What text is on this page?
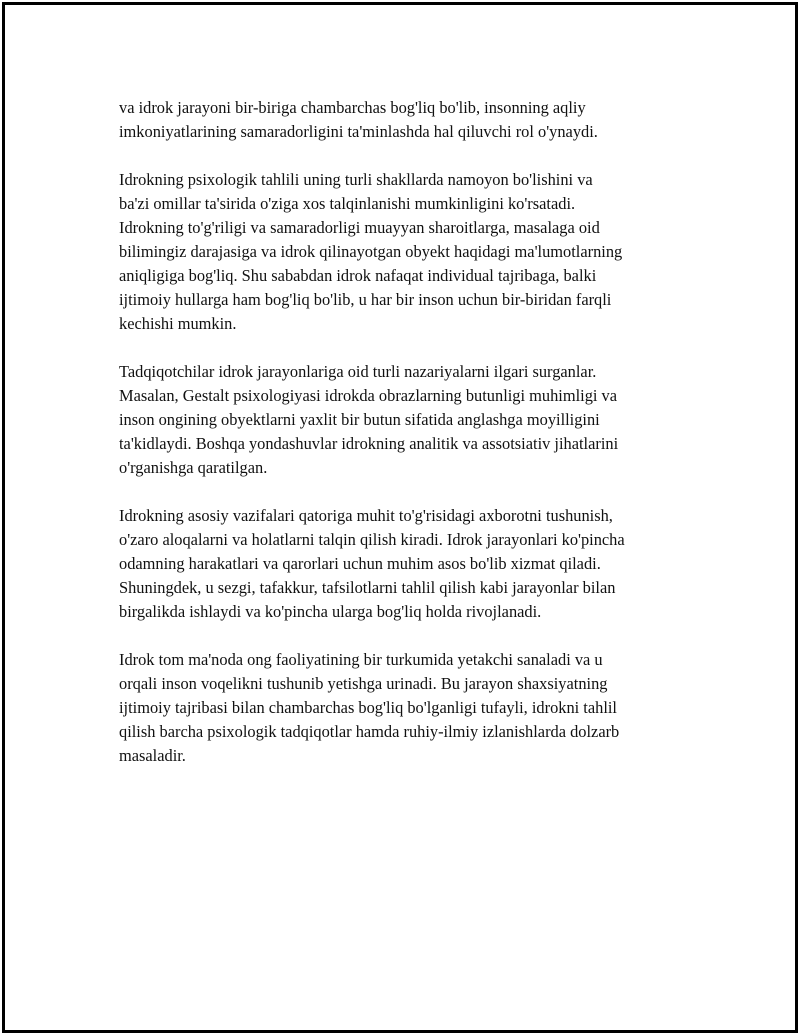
va idrok jarayoni bir-biriga chambarchas bog'liq bo'lib, insonning aqliy
imkoniyatlarining samaradorligini ta'minlashda hal qiluvchi rol o'ynaydi.

Idrokning psixologik tahlili uning turli shakllarda namoyon bo'lishini va
ba'zi omillar ta'sirida o'ziga xos talqinlanishi mumkinligini ko'rsatadi.
Idrokning to'g'riligi va samaradorligi muayyan sharoitlarga, masalaga oid
bilimingiz darajasiga va idrok qilinayotgan obyekt haqidagi ma'lumotlarning
aniqligiga bog'liq. Shu sababdan idrok nafaqat individual tajribaga, balki
ijtimoiy hullarga ham bog'liq bo'lib, u har bir inson uchun bir-biridan farqli
kechishi mumkin.

Tadqiqotchilar idrok jarayonlariga oid turli nazariyalarni ilgari surganlar.
Masalan, Gestalt psixologiyasi idrokda obrazlarning butunligi muhimligi va
inson ongining obyektlarni yaxlit bir butun sifatida anglashga moyilligini
ta'kidlaydi. Boshqa yondashuvlar idrokning analitik va assotsiativ jihatlarini
o'rganishga qaratilgan.

Idrokning asosiy vazifalari qatoriga muhit to'g'risidagi axborotni tushunish,
o'zaro aloqalarni va holatlarni talqin qilish kiradi. Idrok jarayonlari ko'pincha
odamning harakatlari va qarorlari uchun muhim asos bo'lib xizmat qiladi.
Shuningdek, u sezgi, tafakkur, tafsilotlarni tahlil qilish kabi jarayonlar bilan
birgalikda ishlaydi va ko'pincha ularga bog'liq holda rivojlanadi.

Idrok tom ma'noda ong faoliyatining bir turkumida yetakchi sanaladi va u
orqali inson voqelikni tushunib yetishga urinadi. Bu jarayon shaxsiyatning
ijtimoiy tajribasi bilan chambarchas bog'liq bo'lganligi tufayli, idrokni tahlil
qilish barcha psixologik tadqiqotlar hamda ruhiy-ilmiy izlanishlarda dolzarb
masaladir.
